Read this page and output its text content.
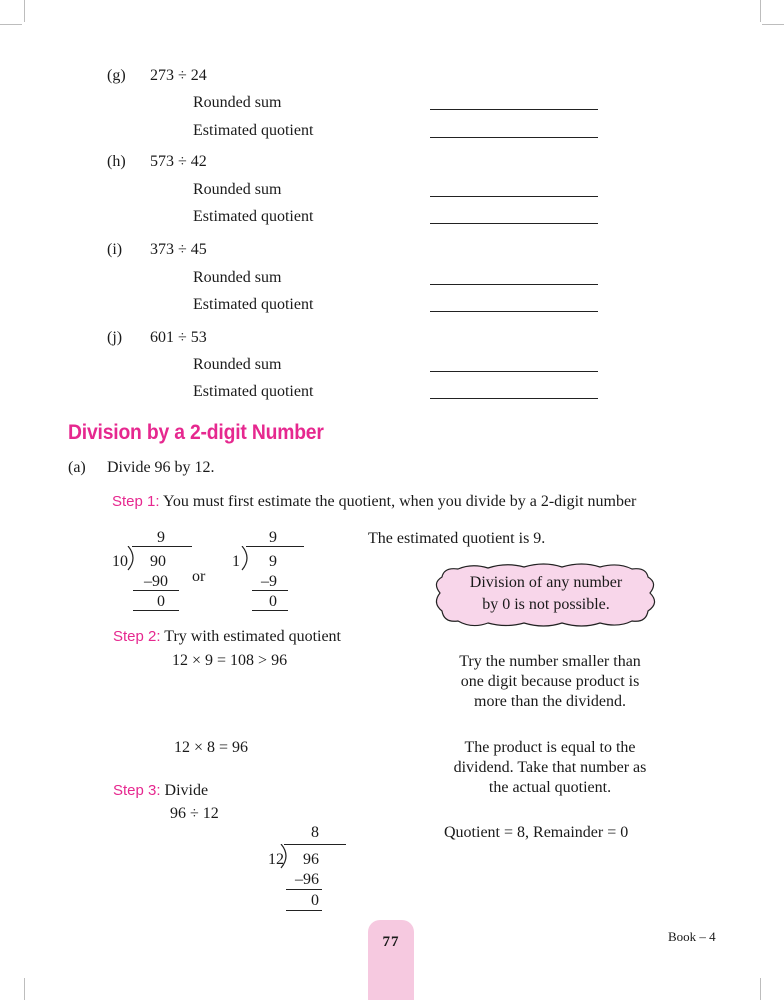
(g) 273 ÷ 24
Rounded sum
Estimated quotient
(h) 573 ÷ 42
Rounded sum
Estimated quotient
(i) 373 ÷ 45
Rounded sum
Estimated quotient
(j) 601 ÷ 53
Rounded sum
Estimated quotient
Division by a 2-digit Number
(a) Divide 96 by 12.
Step 1: You must first estimate the quotient, when you divide by a 2-digit number
9
10	90
–90
0
or
9
1	9
–9
0
The estimated quotient is 9.
Division of any number
by 0 is not possible.
Step 2: Try with estimated quotient
12 × 9 = 108 > 96	Try the number smaller than
one digit because product is
more than the dividend.
12 × 8 = 96	The product is equal to the
dividend. Take that number as
the actual quotient.
Step 3: Divide
96 ÷ 12
8
12	96
–96
0
Quotient = 8, Remainder = 0
77	Book – 4
